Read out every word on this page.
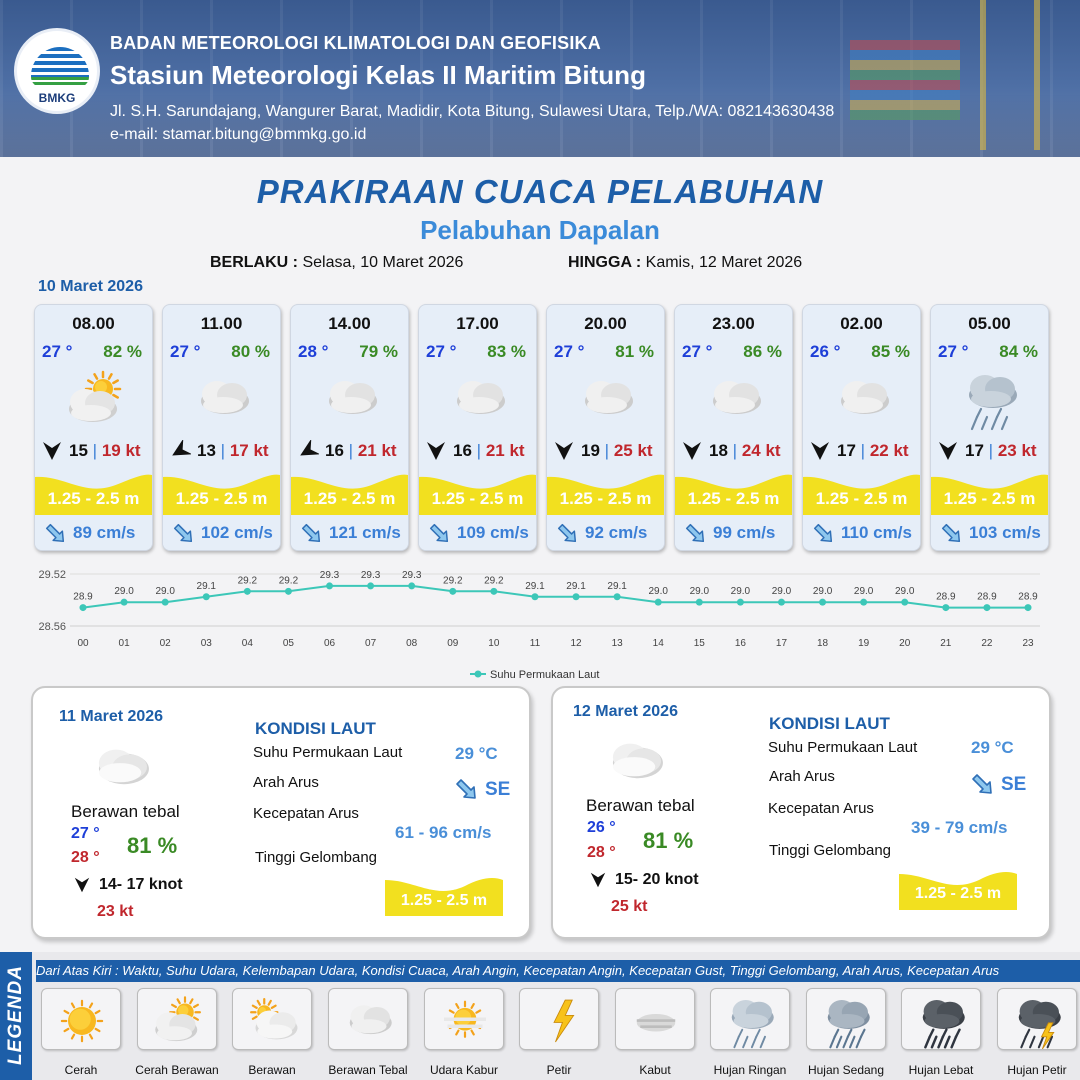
BMKG
BADAN METEOROLOGI KLIMATOLOGI DAN GEOFISIKA
Stasiun Meteorologi Kelas II Maritim Bitung
Jl. S.H. Sarundajang, Wangurer Barat, Madidir, Kota Bitung, Sulawesi Utara, Telp./WA: 082143630438
e-mail: stamar.bitung@bmmkg.go.id
PRAKIRAAN CUACA PELABUHAN
Pelabuhan Dapalan
BERLAKU : Selasa, 10 Maret 2026	HINGGA : Kamis, 12 Maret 2026
10 Maret 2026
08.00
27 ° 82 %
15 | 19 kt
1.25 - 2.5 m
89 cm/s
11.00
27 ° 80 %
13 | 17 kt
1.25 - 2.5 m
102 cm/s
14.00
28 ° 79 %
16 | 21 kt
1.25 - 2.5 m
121 cm/s
17.00
27 ° 83 %
16 | 21 kt
1.25 - 2.5 m
109 cm/s
20.00
27 ° 81 %
19 | 25 kt
1.25 - 2.5 m
92 cm/s
23.00
27 ° 86 %
18 | 24 kt
1.25 - 2.5 m
99 cm/s
02.00
26 ° 85 %
17 | 22 kt
1.25 - 2.5 m
110 cm/s
05.00
27 ° 84 %
17 | 23 kt
1.25 - 2.5 m
103 cm/s
29.52
28.56
28.9
00
29.0
01
29.0
02
29.1
03
29.2
04
29.2
05
29.3
06
29.3
07
29.3
08
29.2
09
29.2
10
29.1
11
29.1
12
29.1
13
29.0
14
29.0
15
29.0
16
29.0
17
29.0
18
29.0
19
29.0
20
28.9
21
28.9
22
28.9
23
Suhu Permukaan Laut
11 Maret 2026
Berawan tebal
27 °
28 ° 81 %
14- 17 knot
23 kt
KONDISI LAUT
Suhu Permukaan Laut	29 °C
Arah Arus	SE
Kecepatan Arus
61 - 96 cm/s
Tinggi Gelombang
1.25 - 2.5 m
12 Maret 2026
Berawan tebal
26 °
28 ° 81 %
15- 20 knot
25 kt
KONDISI LAUT
Suhu Permukaan Laut	29 °C
Arah Arus	SE
Kecepatan Arus
39 - 79 cm/s
Tinggi Gelombang
1.25 - 2.5 m
LEGENDA Dari Atas Kiri : Waktu, Suhu Udara, Kelembapan Udara, Kondisi Cuaca, Arah Angin, Kecepatan Angin, Kecepatan Gust, Tinggi Gelombang, Arah Arus, Kecepatan Arus
Cerah	Cerah Berawan	Berawan	Berawan Tebal	Udara Kabur	Petir	Kabut	Hujan Ringan	Hujan Sedang	Hujan Lebat	Hujan Petir
